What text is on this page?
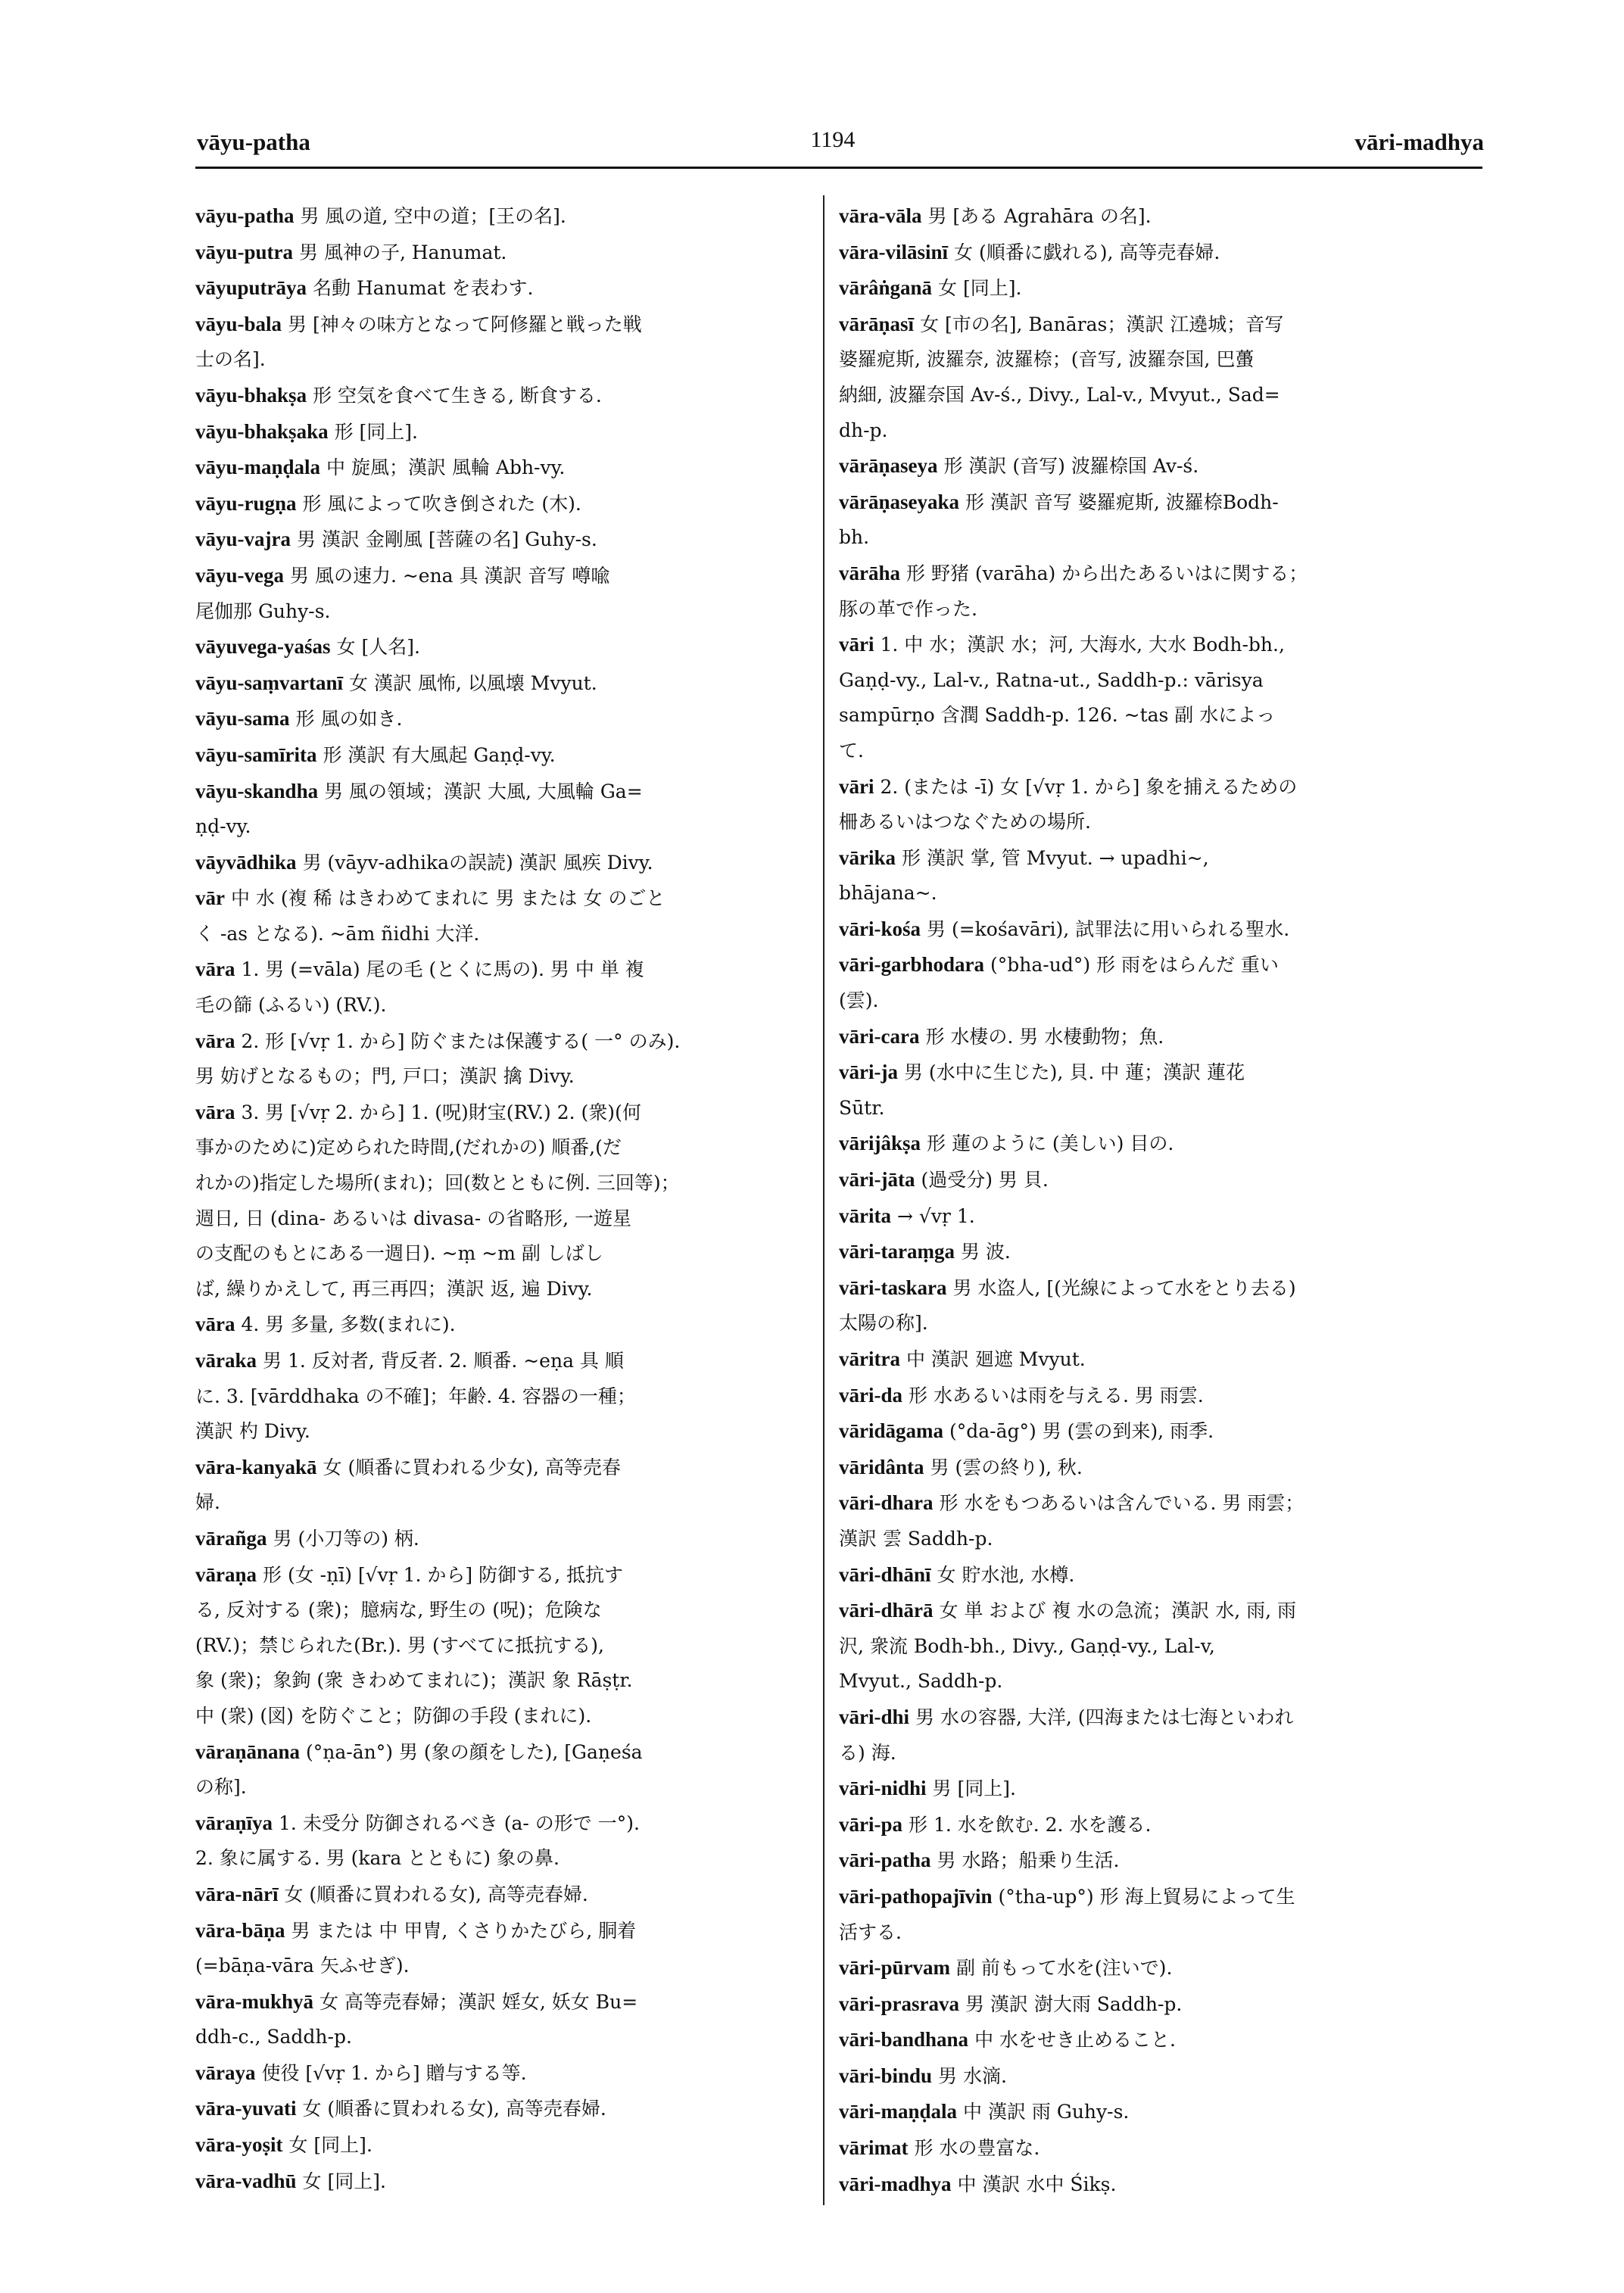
vāyu-patha	1194	vāri-madhya
vāyu-patha 男 風の道, 空中の道；[王の名].
vāyu-putra 男 風神の子, Hanumat.
vāyuputrāya 名動 Hanumat を表わす.
vāyu-bala 男 [神々の味方となって阿修羅と戦った戦
士の名].
vāyu-bhakṣa 形 空気を食べて生きる, 断食する.
vāyu-bhakṣaka 形 [同上].
vāyu-maṇḍala 中 旋風；漢訳 風輪 Abh-vy.
vāyu-rugṇa 形 風によって吹き倒された (木).
vāyu-vajra 男 漢訳 金剛風 [菩薩の名] Guhy-s.
vāyu-vega 男 風の速力. ~ena 具 漢訳 音写 噂喩
尾伽那 Guhy-s.
vāyuvega-yaśas 女 [人名].
vāyu-saṃvartanī 女 漢訳 風怖, 以風壊 Mvyut.
vāyu-sama 形 風の如き.
vāyu-samīrita 形 漢訳 有大風起 Gaṇḍ-vy.
vāyu-skandha 男 風の領域；漢訳 大風, 大風輪 Ga=
ṇḍ-vy.
vāyvādhika 男 (vāyv-adhikaの誤読) 漢訳 風疾 Divy.
vār 中 水 (複 稀 はきわめてまれに 男 または 女 のごと
く -as となる). ~ām ñidhi 大洋.
vāra 1. 男 (=vāla) 尾の毛 (とくに馬の). 男 中 単 複
毛の篩 (ふるい) (RV.).
vāra 2. 形 [√vṛ 1. から] 防ぐまたは保護する( 一° のみ).
男 妨げとなるもの；門, 戸口；漢訳 擒 Divy.
vāra 3. 男 [√vṛ 2. から] 1. (呪)財宝(RV.) 2. (衆)(何
事かのために)定められた時間,(だれかの) 順番,(だ
れかの)指定した場所(まれ)；回(数とともに例. 三回等)；
週日, 日 (dina- あるいは divasa- の省略形, 一遊星
の支配のもとにある一週日). ~ṃ ~m 副 しばし
ば, 繰りかえして, 再三再四；漢訳 返, 遍 Divy.
vāra 4. 男 多量, 多数(まれに).
vāraka 男 1. 反対者, 背反者. 2. 順番. ~eṇa 具 順
に. 3. [vārddhaka の不確]；年齢. 4. 容器の一種；
漢訳 杓 Divy.
vāra-kanyakā 女 (順番に買われる少女), 高等売春
婦.
vārañga 男 (小刀等の) 柄.
vāraṇa 形 (女 -ṇī) [√vṛ 1. から] 防御する, 抵抗す
る, 反対する (衆)；臆病な, 野生の (呪)；危険な
(RV.)；禁じられた(Br.). 男 (すべてに抵抗する),
象 (衆)；象鉤 (衆 きわめてまれに)；漢訳 象 Rāṣṭr.
中 (衆) (図) を防ぐこと；防御の手段 (まれに).
vāraṇānana (°ṇa-ān°) 男 (象の顔をした), [Gaṇeśa
の称].
vāraṇīya 1. 未受分 防御されるべき (a- の形で 一°).
2. 象に属する. 男 (kara とともに) 象の鼻.
vāra-nārī 女 (順番に買われる女), 高等売春婦.
vāra-bāṇa 男 または 中 甲冑, くさりかたびら, 胴着
(=bāṇa-vāra 矢ふせぎ).
vāra-mukhyā 女 高等売春婦；漢訳 婬女, 妖女 Bu=
ddh-c., Saddh-p.
vāraya 使役 [√vṛ 1. から] 贈与する等.
vāra-yuvati 女 (順番に買われる女), 高等売春婦.
vāra-yoṣit 女 [同上].
vāra-vadhū 女 [同上].
vāra-vāla 男 [ある Agrahāra の名].
vāra-vilāsinī 女 (順番に戯れる), 高等売春婦.
vārâṅganā 女 [同上].
vārāṇasī 女 [市の名], Banāras；漢訳 江遶城；音写
婆羅痆斯, 波羅奈, 波羅㮈；(音写, 波羅奈国, 巴蠆
納細, 波羅奈国 Av-ś., Divy., Lal-v., Mvyut., Sad=
dh-p.
vārāṇaseya 形 漢訳 (音写) 波羅㮈国 Av-ś.
vārāṇaseyaka 形 漢訳 音写 婆羅痆斯, 波羅㮈Bodh-
bh.
vārāha 形 野猪 (varāha) から出たあるいはに関する；
豚の革で作った.
vāri 1. 中 水；漢訳 水；河, 大海水, 大水 Bodh-bh.,
Gaṇḍ-vy., Lal-v., Ratna-ut., Saddh-p.: vārisya
sampūrṇo 含潤 Saddh-p. 126. ~tas 副 水によっ
て.
vāri 2. (または -ī) 女 [√vṛ 1. から] 象を捕えるための
柵あるいはつなぐための場所.
vārika 形 漢訳 掌, 管 Mvyut. → upadhi~,
bhājana~.
vāri-kośa 男 (=kośavāri), 試罪法に用いられる聖水.
vāri-garbhodara (°bha-ud°) 形 雨をはらんだ 重い
(雲).
vāri-cara 形 水棲の. 男 水棲動物；魚.
vāri-ja 男 (水中に生じた), 貝. 中 蓮；漢訳 蓮花
Sūtr.
vārijâkṣa 形 蓮のように (美しい) 目の.
vāri-jāta (過受分) 男 貝.
vārita → √vṛ 1.
vāri-taraṃga 男 波.
vāri-taskara 男 水盗人, [(光線によって水をとり去る)
太陽の称].
vāritra 中 漢訳 廻遮 Mvyut.
vāri-da 形 水あるいは雨を与える. 男 雨雲.
vāridāgama (°da-āg°) 男 (雲の到来), 雨季.
vāridânta 男 (雲の終り), 秋.
vāri-dhara 形 水をもつあるいは含んでいる. 男 雨雲；
漢訳 雲 Saddh-p.
vāri-dhānī 女 貯水池, 水樽.
vāri-dhārā 女 単 および 複 水の急流；漢訳 水, 雨, 雨
沢, 衆流 Bodh-bh., Divy., Gaṇḍ-vy., Lal-v,
Mvyut., Saddh-p.
vāri-dhi 男 水の容器, 大洋, (四海または七海といわれ
る) 海.
vāri-nidhi 男 [同上].
vāri-pa 形 1. 水を飲む. 2. 水を護る.
vāri-patha 男 水路；船乗り生活.
vāri-pathopajīvin (°tha-up°) 形 海上貿易によって生
活する.
vāri-pūrvam 副 前もって水を(注いで).
vāri-prasrava 男 漢訳 澍大雨 Saddh-p.
vāri-bandhana 中 水をせき止めること.
vāri-bindu 男 水滴.
vāri-maṇḍala 中 漢訳 雨 Guhy-s.
vārimat 形 水の豊富な.
vāri-madhya 中 漢訳 水中 Śikṣ.
